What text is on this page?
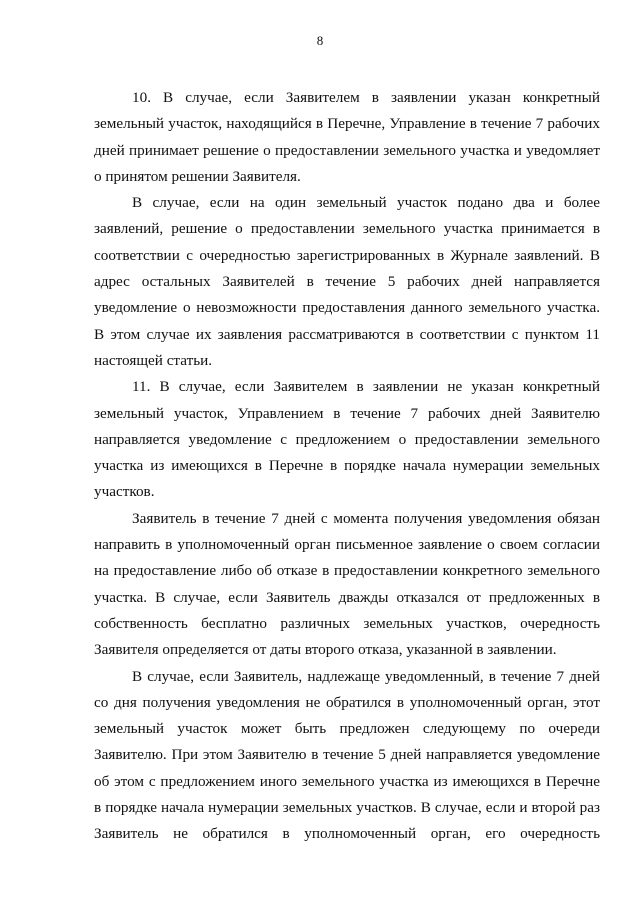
8

10. В случае, если Заявителем в заявлении указан конкретный земельный участок, находящийся в Перечне, Управление в течение 7 рабочих дней принимает решение о предоставлении земельного участка и уведомляет о принятом решении Заявителя.

В случае, если на один земельный участок подано два и более заявлений, решение о предоставлении земельного участка принимается в соответствии с очередностью зарегистрированных в Журнале заявлений. В адрес остальных Заявителей в течение 5 рабочих дней направляется уведомление о невозможности предоставления данного земельного участка. В этом случае их заявления рассматриваются в соответствии с пунктом 11 настоящей статьи.

11. В случае, если Заявителем в заявлении не указан конкретный земельный участок, Управлением в течение 7 рабочих дней Заявителю направляется уведомление с предложением о предоставлении земельного участка из имеющихся в Перечне в порядке начала нумерации земельных участков.

Заявитель в течение 7 дней с момента получения уведомления обязан направить в уполномоченный орган письменное заявление о своем согласии на предоставление либо об отказе в предоставлении конкретного земельного участка. В случае, если Заявитель дважды отказался от предложенных в собственность бесплатно различных земельных участков, очередность Заявителя определяется от даты второго отказа, указанной в заявлении.

В случае, если Заявитель, надлежаще уведомленный, в течение 7 дней со дня получения уведомления не обратился в уполномоченный орган, этот земельный участок может быть предложен следующему по очереди Заявителю. При этом Заявителю в течение 5 дней направляется уведомление об этом с предложением иного земельного участка из имеющихся в Перечне в порядке начала нумерации земельных участков. В случае, если и второй раз Заявитель не обратился в уполномоченный орган, его очередность
